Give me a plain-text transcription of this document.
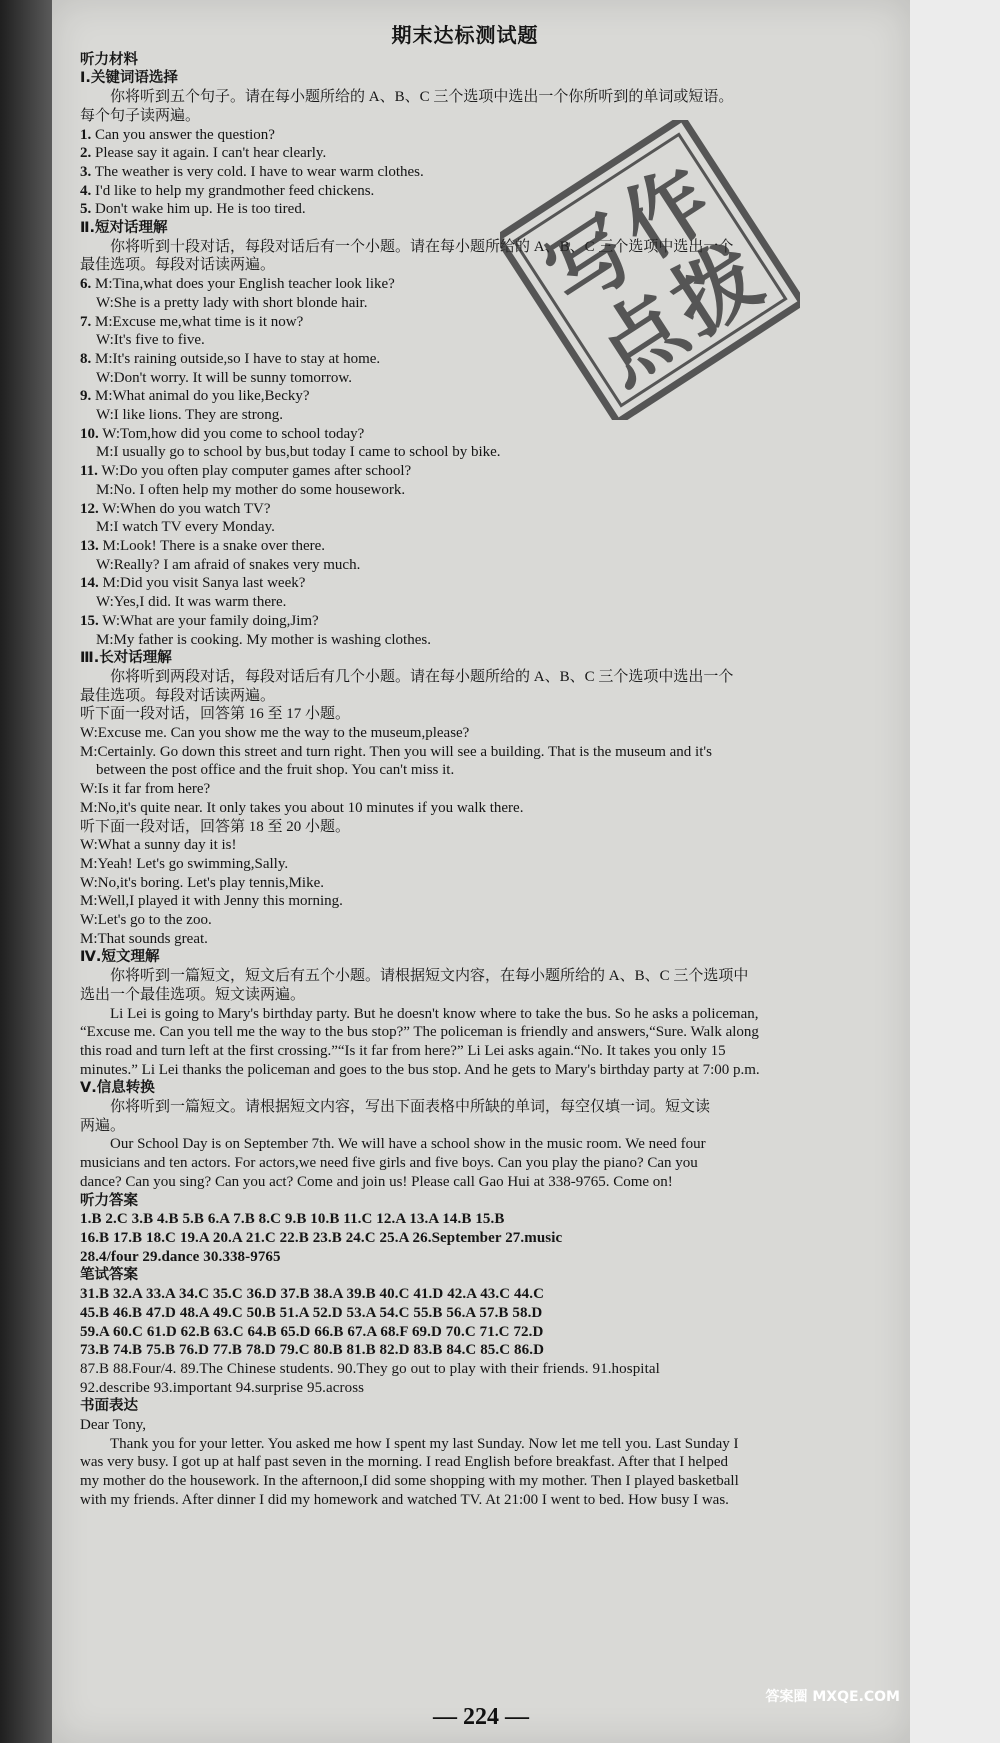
期末达标测试题

听力材料

Ⅰ.关键词语选择

你将听到五个句子。请在每小题所给的 A、B、C 三个选项中选出一个你所听到的单词或短语。

每个句子读两遍。

1. Can you answer the question?

2. Please say it again. I can't hear clearly.

3. The weather is very cold. I have to wear warm clothes.

4. I'd like to help my grandmother feed chickens.

5. Don't wake him up. He is too tired.

Ⅱ.短对话理解

你将听到十段对话，每段对话后有一个小题。请在每小题所给的 A、B、C 三个选项中选出一个

最佳选项。每段对话读两遍。

6. M:Tina,what does your English teacher look like?

W:She is a pretty lady with short blonde hair.

7. M:Excuse me,what time is it now?

W:It's five to five.

8. M:It's raining outside,so I have to stay at home.

W:Don't worry. It will be sunny tomorrow.

9. M:What animal do you like,Becky?

W:I like lions. They are strong.

10. W:Tom,how did you come to school today?

M:I usually go to school by bus,but today I came to school by bike.

11. W:Do you often play computer games after school?

M:No. I often help my mother do some housework.

12. W:When do you watch TV?

M:I watch TV every Monday.

13. M:Look! There is a snake over there.

W:Really? I am afraid of snakes very much.

14. M:Did you visit Sanya last week?

W:Yes,I did. It was warm there.

15. W:What are your family doing,Jim?

M:My father is cooking. My mother is washing clothes.

Ⅲ.长对话理解

你将听到两段对话，每段对话后有几个小题。请在每小题所给的 A、B、C 三个选项中选出一个

最佳选项。每段对话读两遍。

听下面一段对话，回答第 16 至 17 小题。

W:Excuse me. Can you show me the way to the museum,please?

M:Certainly. Go down this street and turn right. Then you will see a building. That is the museum and it's

between the post office and the fruit shop. You can't miss it.

W:Is it far from here?

M:No,it's quite near. It only takes you about 10 minutes if you walk there.

听下面一段对话，回答第 18 至 20 小题。

W:What a sunny day it is!

M:Yeah! Let's go swimming,Sally.

W:No,it's boring. Let's play tennis,Mike.

M:Well,I played it with Jenny this morning.

W:Let's go to the zoo.

M:That sounds great.

Ⅳ.短文理解

你将听到一篇短文，短文后有五个小题。请根据短文内容，在每小题所给的 A、B、C 三个选项中

选出一个最佳选项。短文读两遍。

Li Lei is going to Mary's birthday party. But he doesn't know where to take the bus. So he asks a policeman,

“Excuse me. Can you tell me the way to the bus stop?” The policeman is friendly and answers,“Sure. Walk along

this road and turn left at the first crossing.”“Is it far from here?” Li Lei asks again.“No. It takes you only 15

minutes.” Li Lei thanks the policeman and goes to the bus stop. And he gets to Mary's birthday party at 7:00 p.m.

Ⅴ.信息转换

你将听到一篇短文。请根据短文内容，写出下面表格中所缺的单词，每空仅填一词。短文读

两遍。

Our School Day is on September 7th. We will have a school show in the music room. We need four

musicians and ten actors. For actors,we need five girls and five boys. Can you play the piano? Can you

dance? Can you sing? Can you act? Come and join us! Please call Gao Hui at 338-9765. Come on!

听力答案

1.B 2.C 3.B 4.B 5.B 6.A 7.B 8.C 9.B 10.B 11.C 12.A 13.A 14.B 15.B

16.B 17.B 18.C 19.A 20.A 21.C 22.B 23.B 24.C 25.A 26.September 27.music

28.4/four 29.dance 30.338-9765

笔试答案

31.B 32.A 33.A 34.C 35.C 36.D 37.B 38.A 39.B 40.C 41.D 42.A 43.C 44.C

45.B 46.B 47.D 48.A 49.C 50.B 51.A 52.D 53.A 54.C 55.B 56.A 57.B 58.D

59.A 60.C 61.D 62.B 63.C 64.B 65.D 66.B 67.A 68.F 69.D 70.C 71.C 72.D

73.B 74.B 75.B 76.D 77.B 78.D 79.C 80.B 81.B 82.D 83.B 84.C 85.C 86.D

87.B 88.Four/4. 89.The Chinese students. 90.They go out to play with their friends. 91.hospital

92.describe 93.important 94.surprise 95.across

书面表达

Dear Tony,

Thank you for your letter. You asked me how I spent my last Sunday. Now let me tell you. Last Sunday I

was very busy. I got up at half past seven in the morning. I read English before breakfast. After that I helped

my mother do the housework. In the afternoon,I did some shopping with my mother. Then I played basketball

with my friends. After dinner I did my homework and watched TV. At 21:00 I went to bed. How busy I was.

写
作
点
拨
— 224 —
答案圈 MXQE.COM
